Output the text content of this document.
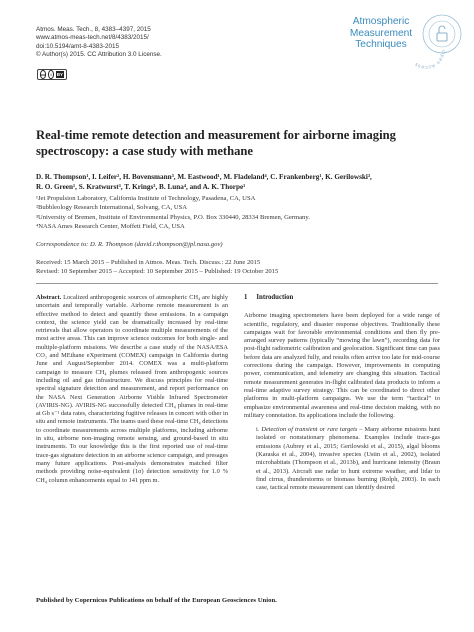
Atmos. Meas. Tech., 8, 4383–4397, 2015
www.atmos-meas-tech.net/8/4383/2015/
doi:10.5194/amt-8-4383-2015
© Author(s) 2015. CC Attribution 3.0 License.
cc	i	BY
Atmospheric
Measurement
Techniques
Open Access
Real-time remote detection and measurement for airborne imaging
spectroscopy: a case study with methane
D. R. Thompson¹, I. Leifer², H. Bovensmann³, M. Eastwood¹, M. Fladeland⁴, C. Frankenberg¹, K. Gerilowski³,
R. O. Green¹, S. Kratwurst³, T. Krings³, B. Luna⁴, and A. K. Thorpe¹
¹Jet Propulsion Laboratory, California Institute of Technology, Pasadena, CA, USA
²Bubbleology Research International, Solvang, CA, USA
³University of Bremen, Institute of Environmental Physics, P.O. Box 330440, 28334 Bremen, Germany.
⁴NASA Ames Research Center, Moffett Field, CA, USA
Correspondence to: D. R. Thompson (david.r.thompson@jpl.nasa.gov)
Received: 15 March 2015 – Published in Atmos. Meas. Tech. Discuss.: 22 June 2015
Revised: 10 September 2015 – Accepted: 10 September 2015 – Published: 19 October 2015

Abstract. Localized anthropogenic sources of atmospheric CH₄ are highly uncertain and temporally variable. Airborne remote measurement is an effective method to detect and quantify these emissions. In a campaign context, the science yield can be dramatically increased by real-time retrievals that allow operators to coordinate multiple measurements of the most active areas. This can improve science outcomes for both single- and multiple-platform missions. We describe a case study of the NASA/ESA CO₂ and MEthane eXperiment (COMEX) campaign in California during June and August/September 2014. COMEX was a multi-platform campaign to measure CH₄ plumes released from anthropogenic sources including oil and gas infrastructure. We discuss principles for real-time spectral signature detection and measurement, and report performance on the NASA Next Generation Airborne Visible Infrared Spectrometer (AVIRIS-NG). AVIRIS-NG successfully detected CH₄ plumes in real-time at Gb s⁻¹ data rates, characterizing fugitive releases in concert with other in situ and remote instruments. The teams used these real-time CH₄ detections to coordinate measurements across multiple platforms, including airborne in situ, airborne non-imaging remote sensing, and ground-based in situ instruments. To our knowledge this is the first reported use of real-time trace-gas signature detection in an airborne science campaign, and presages many future applications. Post-analysis demonstrates matched filter methods providing noise-equivalent (1σ) detection sensitivity for 1.0 % CH₄ column enhancements equal to 141 ppm m.

1 Introduction

Airborne imaging spectrometers have been deployed for a wide range of scientific, regulatory, and disaster response objectives. Traditionally these campaigns wait for favorable environmental conditions and then fly pre-arranged survey patterns (typically “mowing the lawn”), recording data for post-flight radiometric calibration and geolocation. Significant time can pass before data are analyzed fully, and results often arrive too late for mid-course corrections during the campaign. However, improvements in computing power, communication, and telemetry are changing this situation. Tactical remote measurement generates in-flight calibrated data products to inform a real-time adaptive survey strategy. This can be coordinated to direct other platforms in multi-platform campaigns. We use the term “tactical” to emphasize environmental awareness and real-time decision making, with no military connotation. Its applications include the following.

i. Detection of transient or rare targets – Many airborne missions hunt isolated or nonstationary phenomena. Examples include trace-gas emissions (Aubrey et al., 2015; Gerilowski et al., 2015), algal blooms (Karaska et al., 2004), invasive species (Ustin et al., 2002), isolated microhabitats (Thompson et al., 2013b), and hurricane intensity (Braun et al., 2013). Aircraft use radar to hunt extreme weather, and lidar to find cirrus, thunderstorms or biomass burning (Rolph, 2003). In each case, tactical remote measurement can identify desired

Published by Copernicus Publications on behalf of the European Geosciences Union.
